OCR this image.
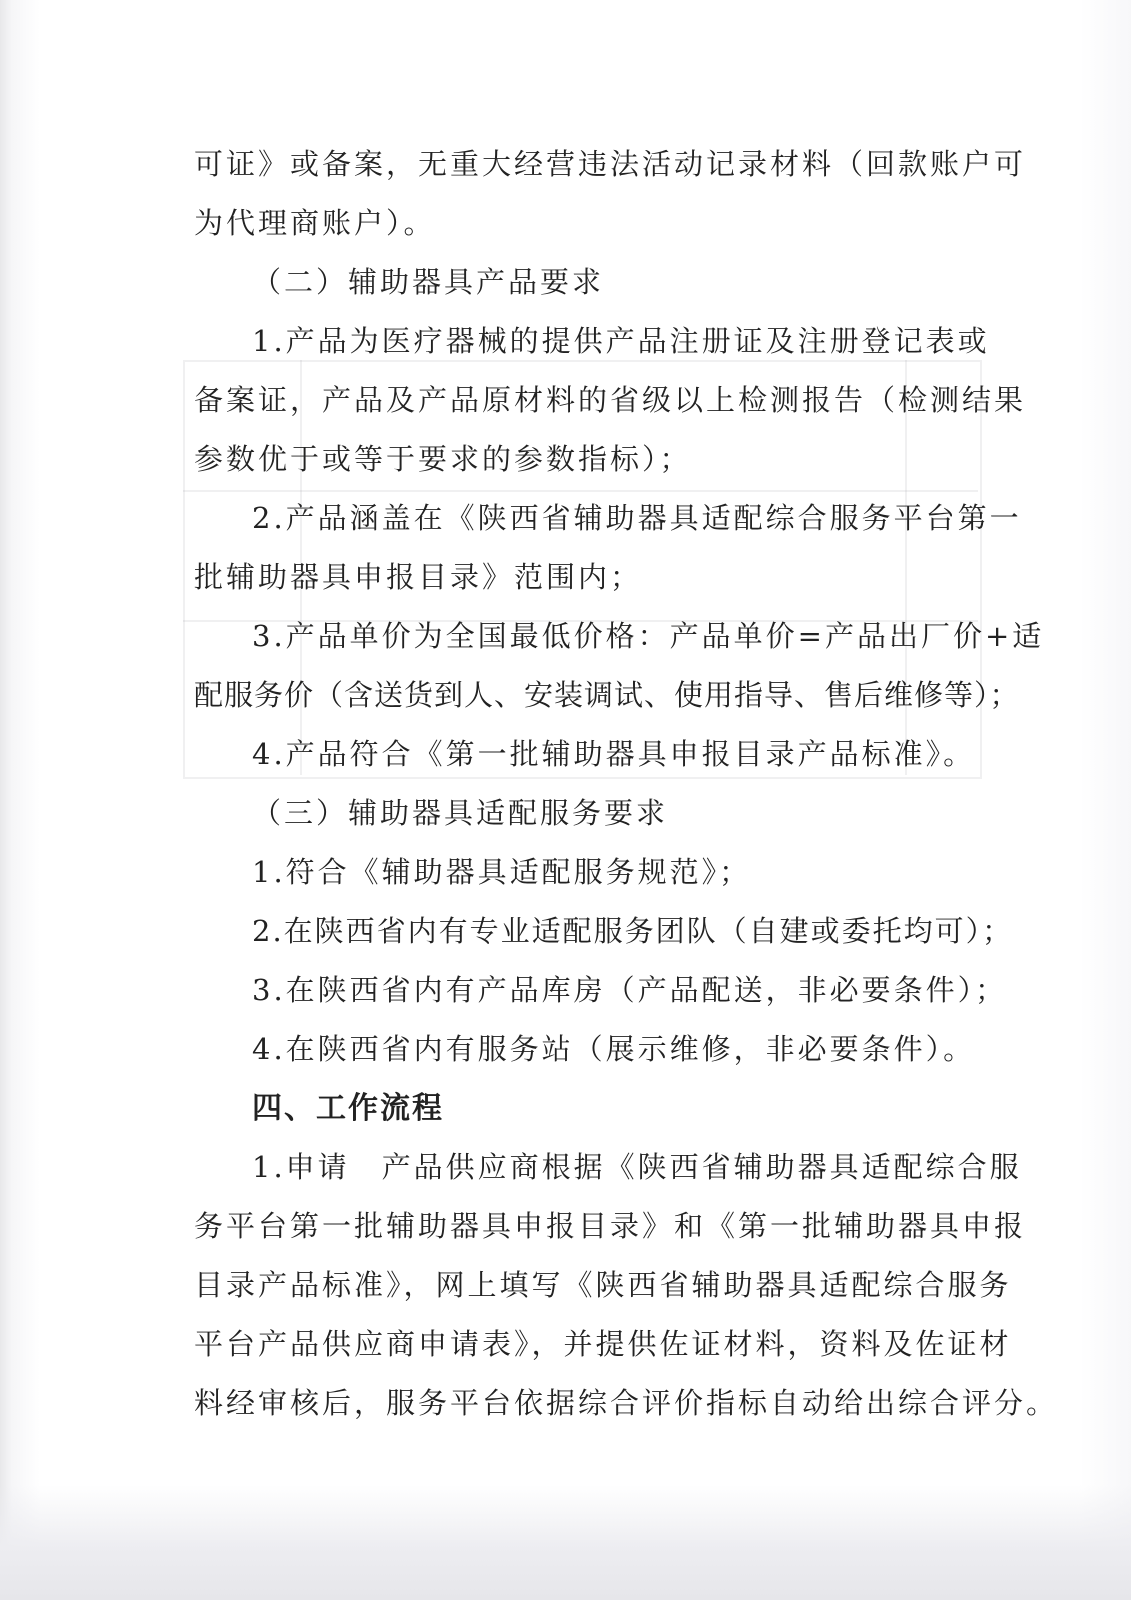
可证》或备案，无重大经营违法活动记录材料（回款账户可
为代理商账户）。
（二）辅助器具产品要求
1.产品为医疗器械的提供产品注册证及注册登记表或
备案证，产品及产品原材料的省级以上检测报告（检测结果
参数优于或等于要求的参数指标）；
2.产品涵盖在《陕西省辅助器具适配综合服务平台第一
批辅助器具申报目录》范围内；
3.产品单价为全国最低价格：产品单价=产品出厂价+适
配服务价（含送货到人、安装调试、使用指导、售后维修等）；
4.产品符合《第一批辅助器具申报目录产品标准》。
（三）辅助器具适配服务要求
1.符合《辅助器具适配服务规范》；
2.在陕西省内有专业适配服务团队（自建或委托均可）；
3.在陕西省内有产品库房（产品配送，非必要条件）；
4.在陕西省内有服务站（展示维修，非必要条件）。
四、工作流程
1.申请　产品供应商根据《陕西省辅助器具适配综合服
务平台第一批辅助器具申报目录》和《第一批辅助器具申报
目录产品标准》，网上填写《陕西省辅助器具适配综合服务
平台产品供应商申请表》，并提供佐证材料，资料及佐证材
料经审核后，服务平台依据综合评价指标自动给出综合评分。
